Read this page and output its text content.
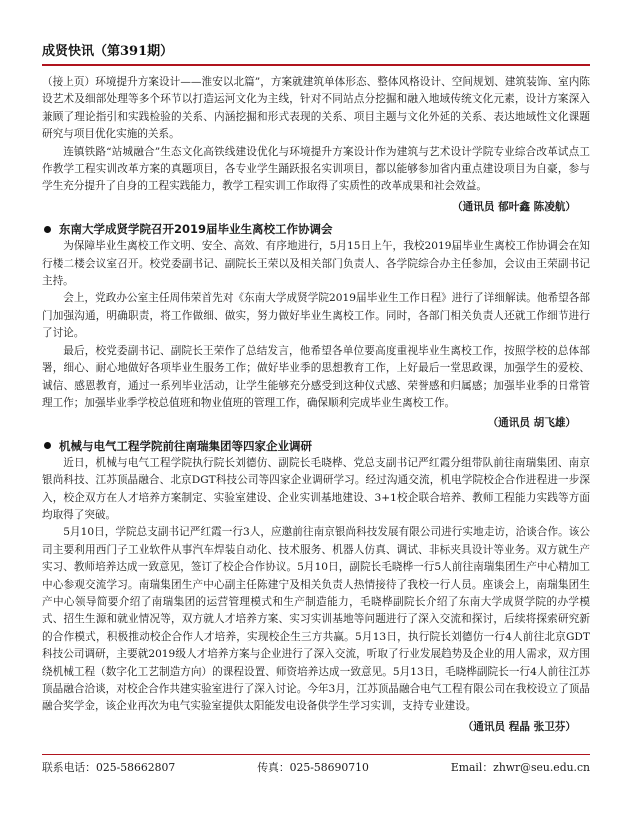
成贤快讯（第391期）

（接上页）环境提升方案设计——淮安以北篇”，方案就建筑单体形态、整体风格设计、空间规划、建筑装饰、室内陈设艺术及细部处理等多个环节以打造运河文化为主线，针对不同站点分挖掘和融入地域传统文化元素，设计方案深入兼顾了理论指引和实践检验的关系、内涵挖掘和形式表现的关系、项目主题与文化外延的关系、表达地域性文化课题研究与项目优化实施的关系。

连镇铁路“站城融合”生态文化高铁线建设优化与环境提升方案设计作为建筑与艺术设计学院专业综合改革试点工作教学工程实训改革方案的真题项目，各专业学生踊跃报名实训项目，都以能够参加省内重点建设项目为自豪，参与学生充分提升了自身的工程实践能力，教学工程实训工作取得了实质性的改革成果和社会效益。

（通讯员 郁叶鑫 陈凌航）
东南大学成贤学院召开2019届毕业生离校工作协调会

为保障毕业生离校工作文明、安全、高效、有序地进行，5月15日上午，我校2019届毕业生离校工作协调会在知行楼二楼会议室召开。校党委副书记、副院长王荣以及相关部门负责人、各学院综合办主任参加，会议由王荣副书记主持。

会上，党政办公室主任周伟荣首先对《东南大学成贤学院2019届毕业生工作日程》进行了详细解读。他希望各部门加强沟通，明确职责，将工作做细、做实，努力做好毕业生离校工作。同时，各部门相关负责人还就工作细节进行了讨论。

最后，校党委副书记、副院长王荣作了总结发言，他希望各单位要高度重视毕业生离校工作，按照学校的总体部署，细心、耐心地做好各项毕业生服务工作；做好毕业季的思想教育工作，上好最后一堂思政课，加强学生的爱校、诚信、感恩教育，通过一系列毕业活动，让学生能够充分感受到这种仪式感、荣誉感和归属感；加强毕业季的日常管理工作；加强毕业季学校总值班和物业值班的管理工作，确保顺利完成毕业生离校工作。

（通讯员 胡飞雄）
机械与电气工程学院前往南瑞集团等四家企业调研

近日，机械与电气工程学院执行院长刘德仿、副院长毛晓桦、党总支副书记严红霞分组带队前往南瑞集团、南京银尚科技、江苏顶晶融合、北京DGT科技公司等四家企业调研学习。经过沟通交流，机电学院校企合作进程进一步深入，校企双方在人才培养方案制定、实验室建设、企业实训基地建设、3+1校企联合培养、教师工程能力实践等方面均取得了突破。

5月10日，学院总支副书记严红霞一行3人，应邀前往南京银尚科技发展有限公司进行实地走访，洽谈合作。该公司主要利用西门子工业软件从事汽车焊装自动化、技术服务、机器人仿真、调试、非标夹具设计等业务。双方就生产实习、教师培养达成一致意见，签订了校企合作协议。5月10日，副院长毛晓桦一行5人前往南瑞集团生产中心精加工中心参观交流学习。南瑞集团生产中心副主任陈建宁及相关负责人热情接待了我校一行人员。座谈会上，南瑞集团生产中心领导简要介绍了南瑞集团的运营管理模式和生产制造能力，毛晓桦副院长介绍了东南大学成贤学院的办学模式、招生生源和就业情况等，双方就人才培养方案、实习实训基地等问题进行了深入交流和探讨，后续将探索研究新的合作模式，积极推动校企合作人才培养，实现校企生三方共赢。5月13日，执行院长刘德仿一行4人前往北京GDT科技公司调研，主要就2019级人才培养方案与企业进行了深入交流，听取了行业发展趋势及企业的用人需求，双方围绕机械工程（数字化工艺制造方向）的课程设置、师资培养达成一致意见。5月13日，毛晓桦副院长一行4人前往江苏顶晶融合洽谈，对校企合作共建实验室进行了深入讨论。今年3月，江苏顶晶融合电气工程有限公司在我校设立了顶晶融合奖学金，该企业再次为电气实验室提供太阳能发电设备供学生学习实训，支持专业建设。

（通讯员 程晶 张卫芬）
联系电话：025-58662807	传真：025-58690710	Email：zhwr@seu.edu.cn
